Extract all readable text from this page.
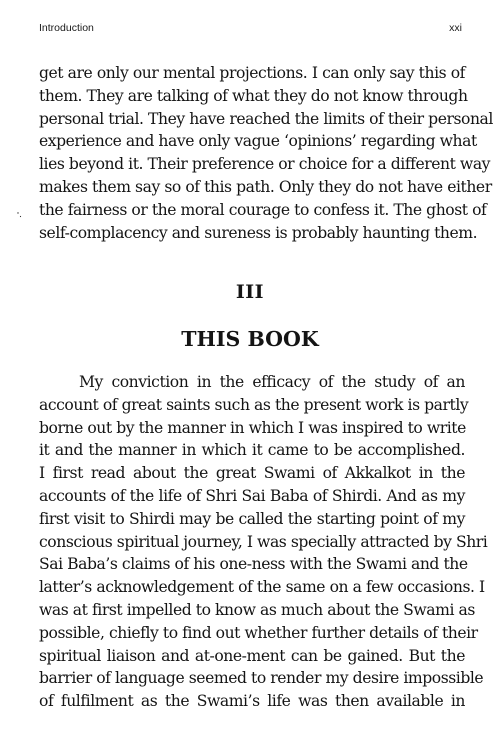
Introduction	xxi

get are only our mental projections. I can only say this of
them. They are talking of what they do not know through
personal trial. They have reached the limits of their personal
experience and have only vague ‘opinions’ regarding what
lies beyond it. Their preference or choice for a different way
makes them say so of this path. Only they do not have either
the fairness or the moral courage to confess it. The ghost of
self-complacency and sureness is probably haunting them.

III
THIS BOOK

My conviction in the efficacy of the study of an
account of great saints such as the present work is partly
borne out by the manner in which I was inspired to write
it and the manner in which it came to be accomplished.
I first read about the great Swami of Akkalkot in the
accounts of the life of Shri Sai Baba of Shirdi. And as my
first visit to Shirdi may be called the starting point of my
conscious spiritual journey, I was specially attracted by Shri
Sai Baba’s claims of his one-ness with the Swami and the
latter’s acknowledgement of the same on a few occasions. I
was at first impelled to know as much about the Swami as
possible, chiefly to find out whether further details of their
spiritual liaison and at-one-ment can be gained. But the
barrier of language seemed to render my desire impossible
of fulfilment as the Swami’s life was then available in
